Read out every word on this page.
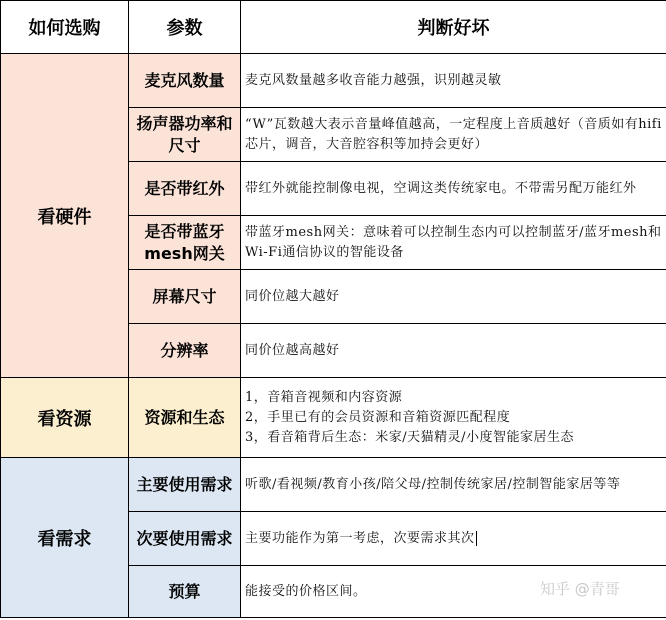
如何选购	参数	判断好坏
看硬件	麦克风数量	麦克风数量越多收音能力越强，识别越灵敏
	扬声器功率和尺寸	“W”瓦数越大表示音量峰值越高，一定程度上音质越好（音质如有hifi芯片，调音，大音腔容积等加持会更好）
	是否带红外	带红外就能控制像电视，空调这类传统家电。不带需另配万能红外
	是否带蓝牙mesh网关	带蓝牙mesh网关：意味着可以控制生态内可以控制蓝牙/蓝牙mesh和Wi-Fi通信协议的智能设备
	屏幕尺寸	同价位越大越好
	分辨率	同价位越高越好
看资源	资源和生态	1，音箱音视频和内容资源
2，手里已有的会员资源和音箱资源匹配程度
3，看音箱背后生态：米家/天猫精灵/小度智能家居生态

看需求	主要使用需求	听歌/看视频/教育小孩/陪父母/控制传统家居/控制智能家居等等
	次要使用需求	主要功能作为第一考虑，次要需求其次
	预算	能接受的价格区间。	知乎 @青哥
